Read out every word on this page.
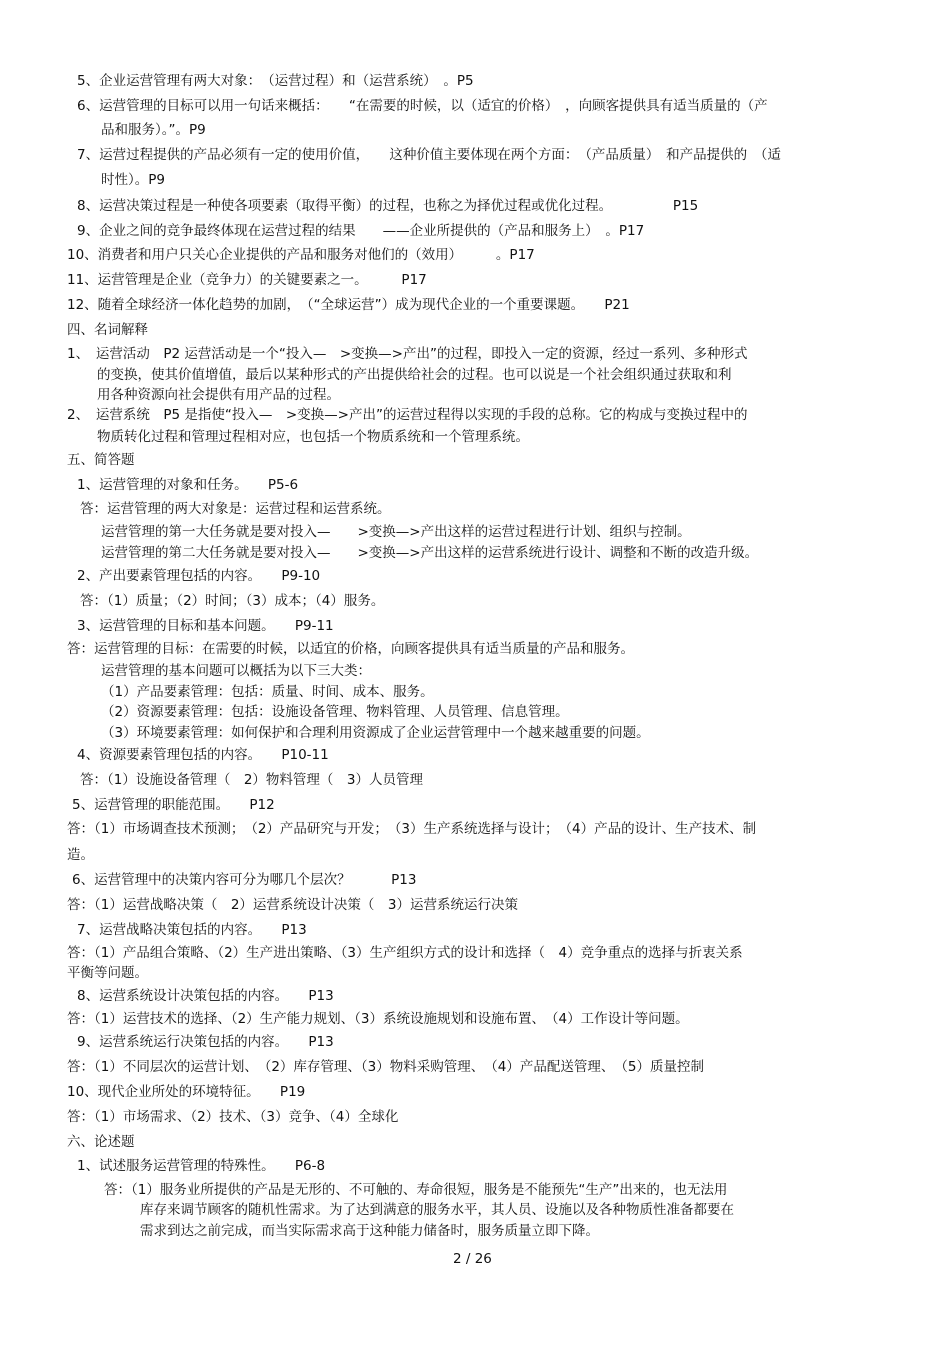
5、企业运营管理有两大对象：　（运营过程）和（运营系统）　。P5
6、运营管理的目标可以用一句话来概括：　　“在需要的时候，以（适宜的价格）　，向顾客提供具有适当质量的（产
品和服务）。”。P9
7、运营过程提供的产品必须有一定的使用价值，　　这种价值主要体现在两个方面：　（产品质量）　和产品提供的　（适
时性）。P9
8、运营决策过程是一种使各项要素（取得平衡）的过程，也称之为择优过程或优化过程。　　　　　P15
9、企业之间的竞争最终体现在运营过程的结果　　——企业所提供的（产品和服务上）　。P17
10、消费者和用户只关心企业提供的产品和服务对他们的（效用）　　　。P17
11、运营管理是企业（竞争力）的关键要素之一。　　　P17
12、随着全球经济一体化趋势的加剧，　（“全球运营”）成为现代企业的一个重要课题。　　P21
四、名词解释
1、　运营活动　P2 运营活动是一个“投入—　>变换—>产出”的过程，即投入一定的资源，经过一系列、多种形式
的变换，使其价值增值，最后以某种形式的产出提供给社会的过程。也可以说是一个社会组织通过获取和利
用各种资源向社会提供有用产品的过程。
2、　运营系统　P5 是指使“投入—　>变换—>产出”的运营过程得以实现的手段的总称。它的构成与变换过程中的
物质转化过程和管理过程相对应，也包括一个物质系统和一个管理系统。
五、简答题
1、运营管理的对象和任务。　　P5-6
答：运营管理的两大对象是：运营过程和运营系统。
运营管理的第一大任务就是要对投入—　　>变换—>产出这样的运营过程进行计划、组织与控制。
运营管理的第二大任务就是要对投入—　　>变换—>产出这样的运营系统进行设计、调整和不断的改造升级。
2、产出要素管理包括的内容。　　P9-10
答：（1）质量；（2）时间；（3）成本；（4）服务。
3、运营管理的目标和基本问题。　　P9-11
答：运营管理的目标：在需要的时候，以适宜的价格，向顾客提供具有适当质量的产品和服务。
运营管理的基本问题可以概括为以下三大类：
（1）产品要素管理：包括：质量、时间、成本、服务。
（2）资源要素管理：包括：设施设备管理、物料管理、人员管理、信息管理。
（3）环境要素管理：如何保护和合理利用资源成了企业运营管理中一个越来越重要的问题。
4、资源要素管理包括的内容。　　P10-11
答：（1）设施设备管理（　2）物料管理（　3）人员管理
5、运营管理的职能范围。　　P12
答：（1）市场调查技术预测；　（2）产品研究与开发；　（3）生产系统选择与设计；　（4）产品的设计、生产技术、制
造。
6、运营管理中的决策内容可分为哪几个层次？　　　P13
答：（1）运营战略决策（　2）运营系统设计决策（　3）运营系统运行决策
7、运营战略决策包括的内容。　　P13
答：（1）产品组合策略、（2）生产进出策略、（3）生产组织方式的设计和选择（　4）竞争重点的选择与折衷关系
平衡等问题。
8、运营系统设计决策包括的内容。　　P13
答：（1）运营技术的选择、（2）生产能力规划、（3）系统设施规划和设施布置、　（4）工作设计等问题。
9、运营系统运行决策包括的内容。　　P13
答：（1）不同层次的运营计划、　（2）库存管理、（3）物料采购管理、　（4）产品配送管理、　（5）质量控制
10、现代企业所处的环境特征。　　P19
答：（1）市场需求、（2）技术、（3）竞争、（4）全球化
六、论述题
1、试述服务运营管理的特殊性。　　P6-8
答：（1）服务业所提供的产品是无形的、不可触的、寿命很短，服务是不能预先“生产”出来的，也无法用
库存来调节顾客的随机性需求。为了达到满意的服务水平，其人员、设施以及各种物质性准备都要在
需求到达之前完成，而当实际需求高于这种能力储备时，服务质量立即下降。
2 / 26
